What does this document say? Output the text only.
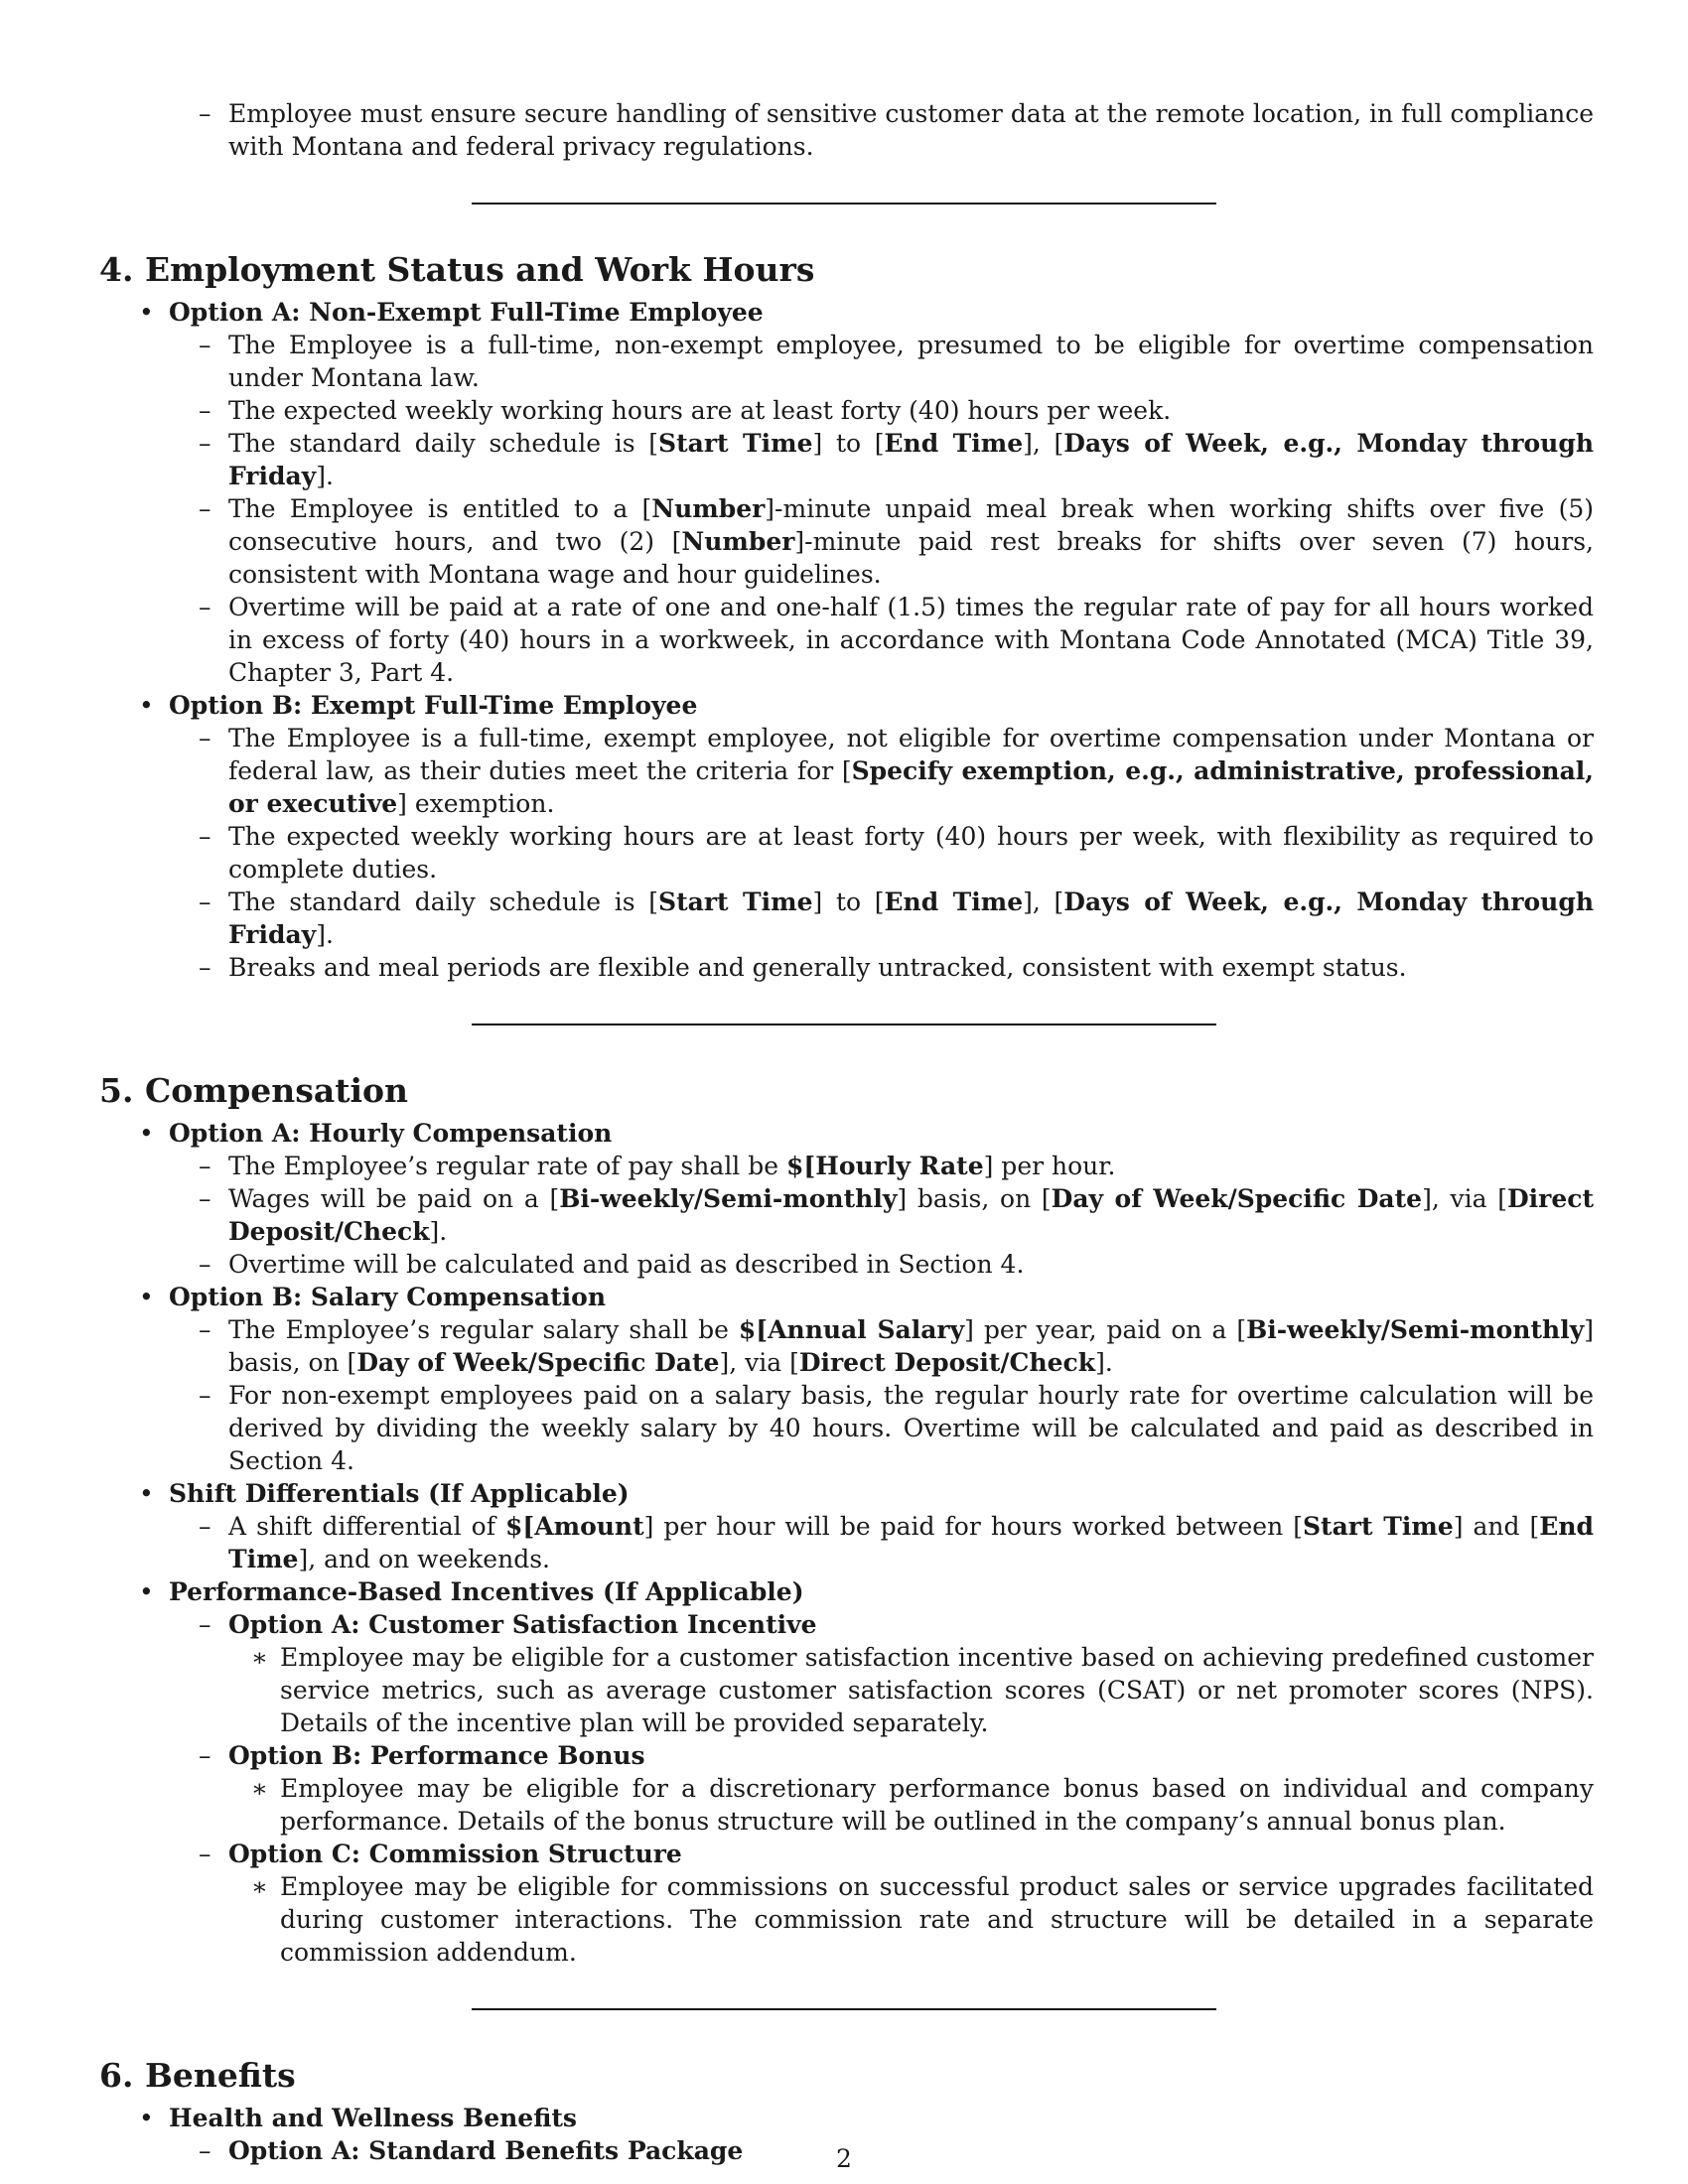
– Employee must ensure secure handling of sensitive customer data at the remote location, in full compliance with Montana and federal privacy regulations.
4. Employment Status and Work Hours
• Option A: Non-Exempt Full-Time Employee
– The Employee is a full-time, non-exempt employee, presumed to be eligible for overtime compensation under Montana law.
– The expected weekly working hours are at least forty (40) hours per week.
– The standard daily schedule is [Start Time] to [End Time], [Days of Week, e.g., Monday through Friday].
– The Employee is entitled to a [Number]-minute unpaid meal break when working shifts over five (5) consecutive hours, and two (2) [Number]-minute paid rest breaks for shifts over seven (7) hours, consistent with Montana wage and hour guidelines.
– Overtime will be paid at a rate of one and one-half (1.5) times the regular rate of pay for all hours worked in excess of forty (40) hours in a workweek, in accordance with Montana Code Annotated (MCA) Title 39, Chapter 3, Part 4.
• Option B: Exempt Full-Time Employee
– The Employee is a full-time, exempt employee, not eligible for overtime compensation under Montana or federal law, as their duties meet the criteria for [Specify exemption, e.g., administrative, professional, or executive] exemption.
– The expected weekly working hours are at least forty (40) hours per week, with flexibility as required to complete duties.
– The standard daily schedule is [Start Time] to [End Time], [Days of Week, e.g., Monday through Friday].
– Breaks and meal periods are flexible and generally untracked, consistent with exempt status.
5. Compensation
• Option A: Hourly Compensation
– The Employee’s regular rate of pay shall be $[Hourly Rate] per hour.
– Wages will be paid on a [Bi-weekly/Semi-monthly] basis, on [Day of Week/Specific Date], via [Direct Deposit/Check].
– Overtime will be calculated and paid as described in Section 4.
• Option B: Salary Compensation
– The Employee’s regular salary shall be $[Annual Salary] per year, paid on a [Bi-weekly/Semi-monthly] basis, on [Day of Week/Specific Date], via [Direct Deposit/Check].
– For non-exempt employees paid on a salary basis, the regular hourly rate for overtime calculation will be derived by dividing the weekly salary by 40 hours. Overtime will be calculated and paid as described in Section 4.
• Shift Differentials (If Applicable)
– A shift differential of $[Amount] per hour will be paid for hours worked between [Start Time] and [End Time], and on weekends.
• Performance-Based Incentives (If Applicable)
– Option A: Customer Satisfaction Incentive
∗ Employee may be eligible for a customer satisfaction incentive based on achieving predefined customer service metrics, such as average customer satisfaction scores (CSAT) or net promoter scores (NPS). Details of the incentive plan will be provided separately.
– Option B: Performance Bonus
∗ Employee may be eligible for a discretionary performance bonus based on individual and company performance. Details of the bonus structure will be outlined in the company’s annual bonus plan.
– Option C: Commission Structure
∗ Employee may be eligible for commissions on successful product sales or service upgrades facilitated during customer interactions. The commission rate and structure will be detailed in a separate commission addendum.
6. Benefits
• Health and Wellness Benefits
– Option A: Standard Benefits Package	2
